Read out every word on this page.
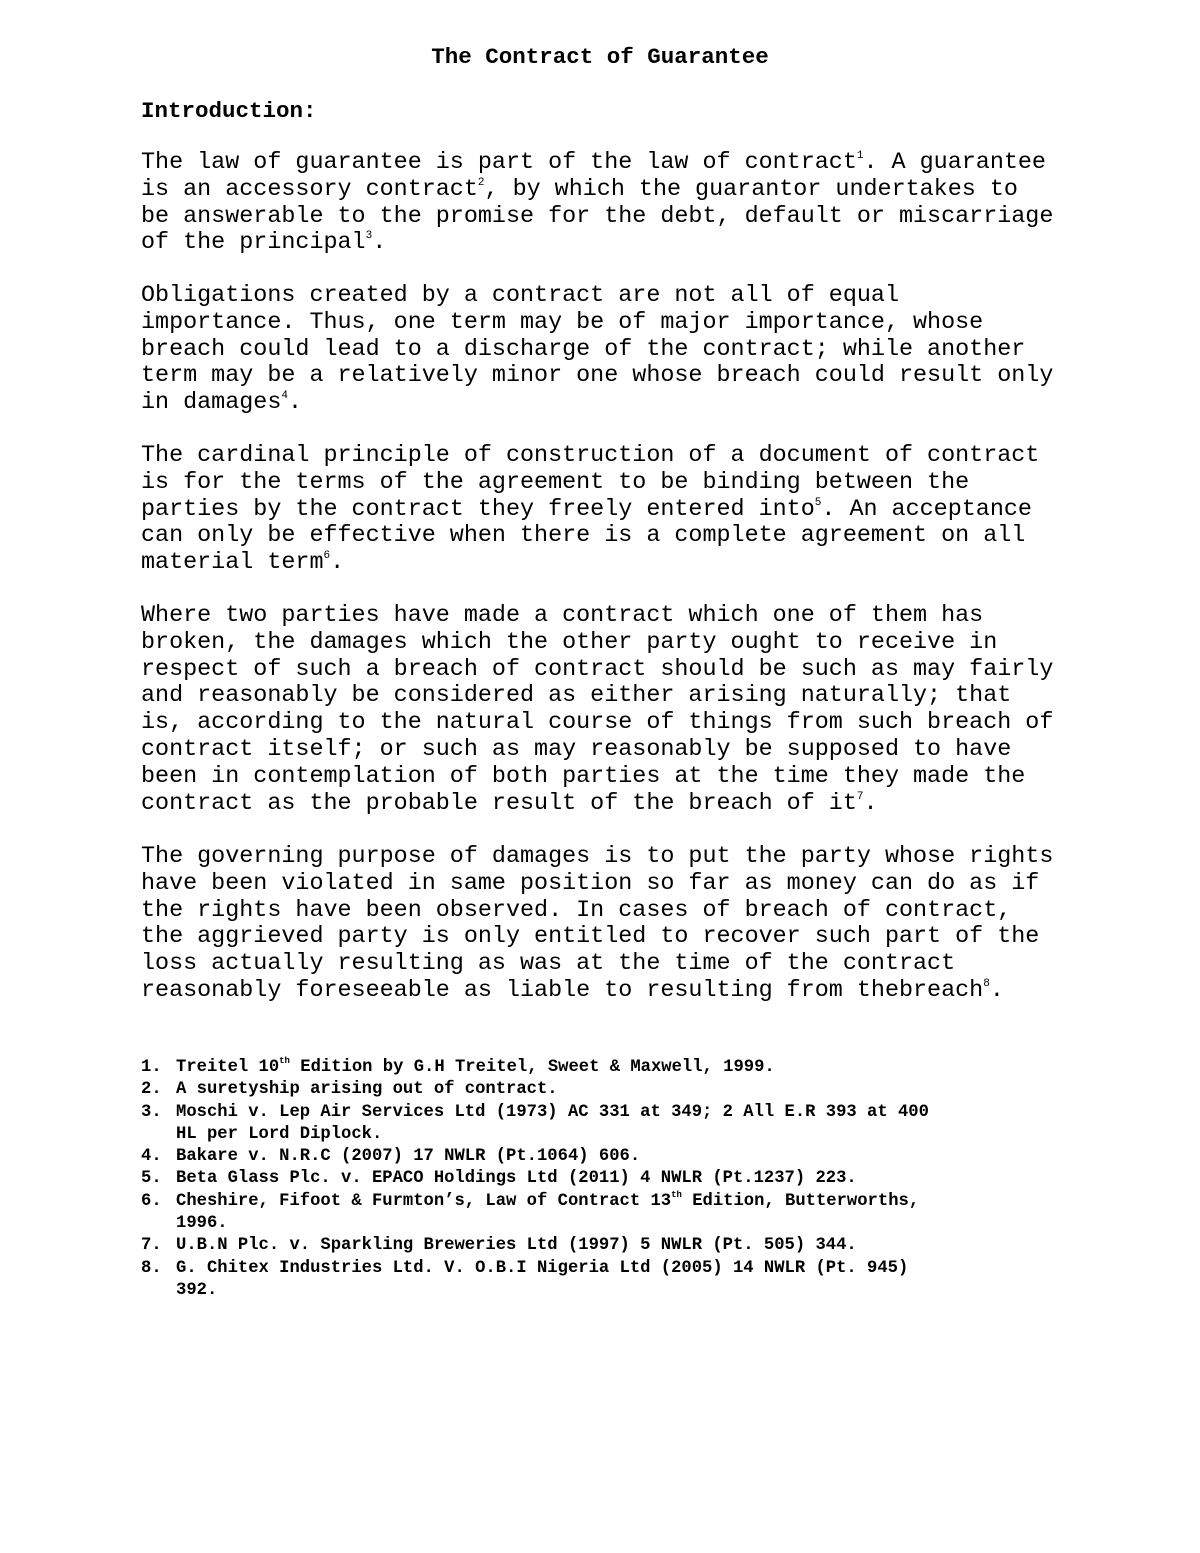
The Contract of Guarantee
Introduction:
The law of guarantee is part of the law of contract$^1$. A guarantee
is an accessory contract$^2$, by which the guarantor undertakes to
be answerable to the promise for the debt, default or miscarriage
of the principal$^3$.
Obligations created by a contract are not all of equal
importance. Thus, one term may be of major importance, whose
breach could lead to a discharge of the contract; while another
term may be a relatively minor one whose breach could result only
in damages$^4$.
The cardinal principle of construction of a document of contract
is for the terms of the agreement to be binding between the
parties by the contract they freely entered into$^5$. An acceptance
can only be effective when there is a complete agreement on all
material term$^6$.
Where two parties have made a contract which one of them has
broken, the damages which the other party ought to receive in
respect of such a breach of contract should be such as may fairly
and reasonably be considered as either arising naturally; that
is, according to the natural course of things from such breach of
contract itself; or such as may reasonably be supposed to have
been in contemplation of both parties at the time they made the
contract as the probable result of the breach of $it^7$.
The governing purpose of damages is to put the party whose rights
have been violated in same position so far as money can do as if
the rights have been observed. In cases of breach of contract,
the aggrieved party is only entitled to recover such part of the
loss actually resulting as was at the time of the contract
reasonably foreseeable as liable to resulting from thebreach$^8$.
1. Treitel 10th Edition by G.H Treitel, Sweet & Maxwell, 1999.
2. A suretyship arising out of contract.
3. Moschi v. Lep Air Services Ltd (1973) AC 331 at 349; 2 All E.R 393 at 400
HL per Lord Diplock.
4. Bakare v. N.R.C (2007) 17 NWLR (Pt.1064) 606.
5. Beta Glass Plc. v. EPACO Holdings Ltd (2011) 4 NWLR (Pt.1237) 223.
6. Cheshire, Fifoot & Furmton’s, Law of Contract 13th Edition, Butterworths,
1996.
7. U.B.N Plc. v. Sparkling Breweries Ltd (1997) 5 NWLR (Pt. 505) 344.
8. G. Chitex Industries Ltd. V. O.B.I Nigeria Ltd (2005) 14 NWLR (Pt. 945)
392.
